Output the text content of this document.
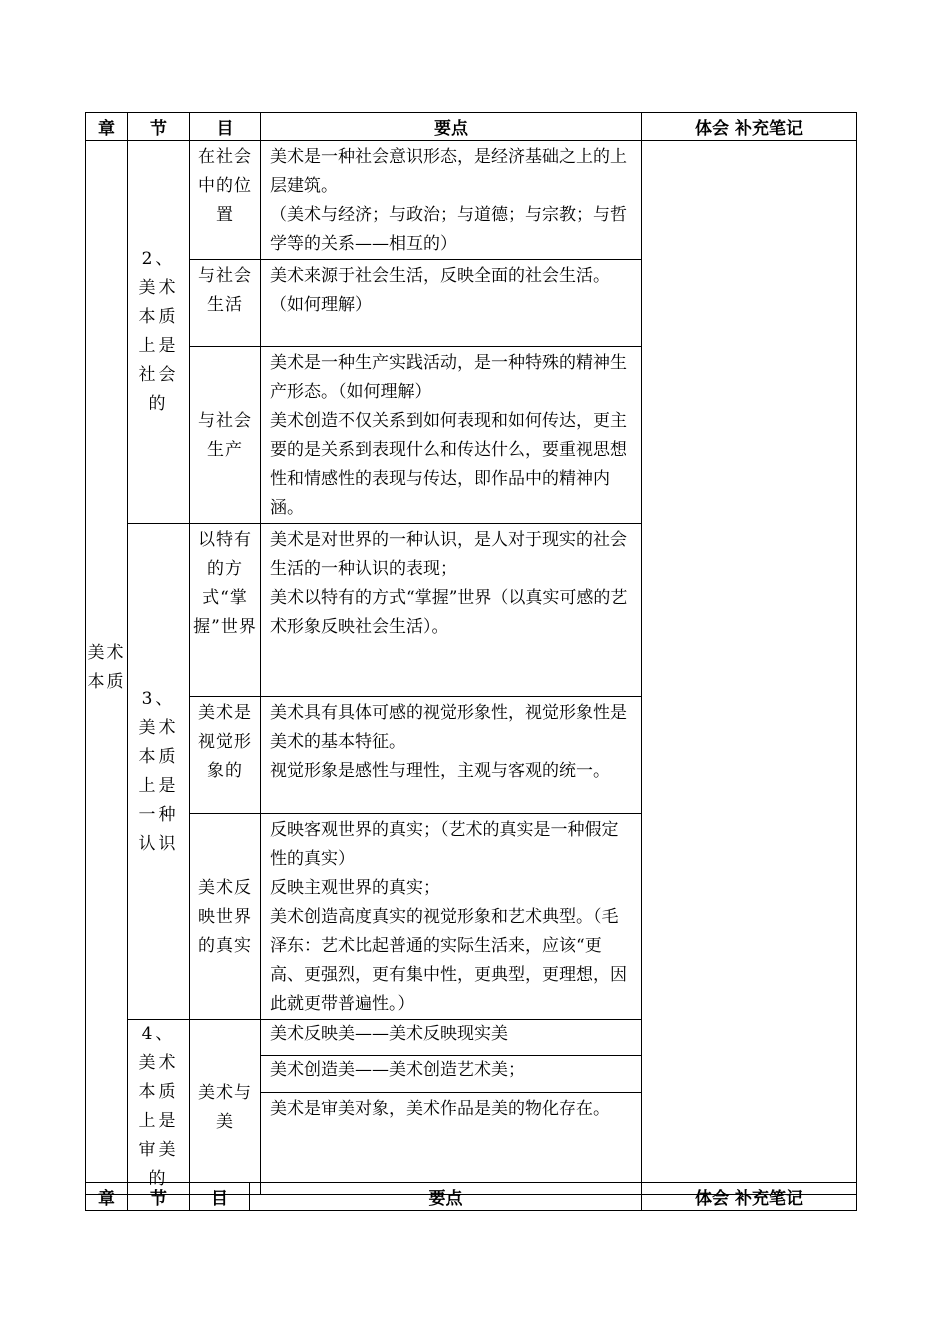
章	节	目	要点	体会 补充笔记
美术本质	2、美术本质上是社会的	在社会中的位置	美术是一种社会意识形态，是经济基础之上的上层建筑。
（美术与经济；与政治；与道德；与宗教；与哲学等的关系——相互的）	

		与社会生活	美术来源于社会生活，反映全面的社会生活。（如何理解）	

		与社会生产	美术是一种生产实践活动，是一种特殊的精神生产形态。（如何理解）
美术创造不仅关系到如何表现和如何传达，更主要的是关系到表现什么和传达什么，要重视思想性和情感性的表现与传达，即作品中的精神内涵。	

	3、美术本质上是一种认识	以特有的方式“掌握”世界	美术是对世界的一种认识，是人对于现实的社会生活的一种认识的表现；
美术以特有的方式“掌握”世界（以真实可感的艺术形象反映社会生活）。	

		美术是视觉形象的	美术具有具体可感的视觉形象性，视觉形象性是美术的基本特征。
视觉形象是感性与理性，主观与客观的统一。	

		美术反映世界的真实	反映客观世界的真实；（艺术的真实是一种假定性的真实）
反映主观世界的真实；
美术创造高度真实的视觉形象和艺术典型。（毛泽东：艺术比起普通的实际生活来，应该“更高、更强烈，更有集中性，更典型，更理想，因此就更带普遍性。）	

	4、美术本质上是审美的	美术与美	美术反映美——美术反映现实美	
			美术创造美——美术创造艺术美；	
			美术是审美对象，美术作品是美的物化存在。	
章	节	目	要点	体会 补充笔记
